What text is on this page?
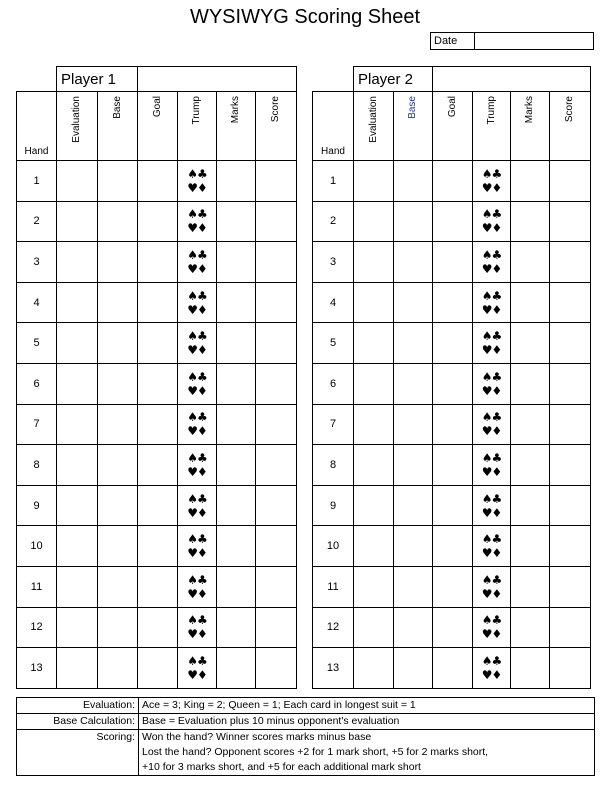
WYSIWYG Scoring Sheet
Date	
	Player 1					
Hand	Evaluation	Base	Goal	Trump	Marks	Score
1				♠♣
♥♦		

2				♠♣
♥♦		

3				♠♣
♥♦		

4				♠♣
♥♦		

5				♠♣
♥♦		

6				♠♣
♥♦		

7				♠♣
♥♦		

8				♠♣
♥♦		

9				♠♣
♥♦		

10				♠♣
♥♦		

11				♠♣
♥♦		

12				♠♣
♥♦		

13				♠♣
♥♦		

	Player 2					
Hand	Evaluation	Base	Goal	Trump	Marks	Score
1				♠♣
♥♦		

2				♠♣
♥♦		

3				♠♣
♥♦		

4				♠♣
♥♦		

5				♠♣
♥♦		

6				♠♣
♥♦		

7				♠♣
♥♦		

8				♠♣
♥♦		

9				♠♣
♥♦		

10				♠♣
♥♦		

11				♠♣
♥♦		

12				♠♣
♥♦		

13				♠♣
♥♦		

Evaluation:	Ace = 3; King = 2; Queen = 1; Each card in longest suit = 1
Base Calculation:	Base = Evaluation plus 10 minus opponent's evaluation
Scoring:	Won the hand? Winner scores marks minus base
Lost the hand? Opponent scores +2 for 1 mark short, +5 for 2 marks short,
+10 for 3 marks short, and +5 for each additional mark short
